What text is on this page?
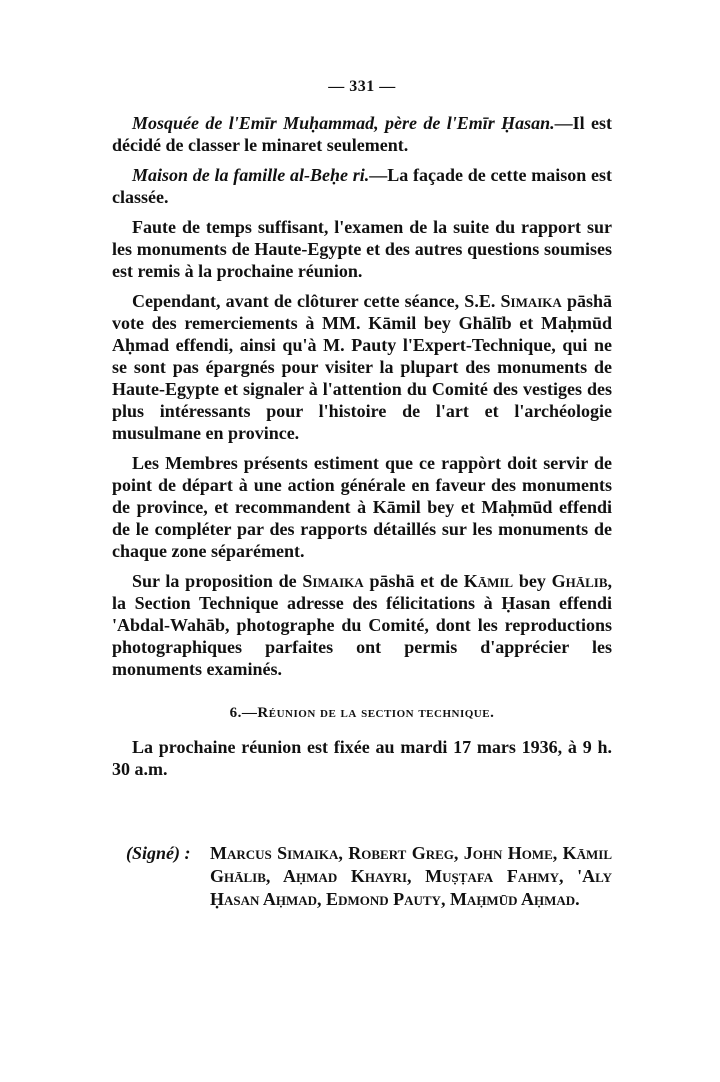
— 331 —

Mosquée de l'Emīr Muḥammad, père de l'Emīr Ḥasan.—Il est décidé de classer le minaret seulement.

Maison de la famille al-Beḥe ri.—La façade de cette maison est classée.

Faute de temps suffisant, l'examen de la suite du rapport sur les monuments de Haute-Egypte et des autres questions soumises est remis à la prochaine réunion.

Cependant, avant de clôturer cette séance, S.E. Simaika pāshā vote des remerciements à MM. Kāmil bey Ghālīb et Maḥmūd Aḥmad effendi, ainsi qu'à M. Pauty l'Expert-Technique, qui ne se sont pas épargnés pour visiter la plupart des monuments de Haute-Egypte et signaler à l'attention du Comité des vestiges des plus intéressants pour l'histoire de l'art et l'archéologie musulmane en province.

Les Membres présents estiment que ce rappòrt doit servir de point de départ à une action générale en faveur des monuments de province, et recommandent à Kāmil bey et Maḥmūd effendi de le compléter par des rapports détaillés sur les monuments de chaque zone séparément.

Sur la proposition de Simaika pāshā et de Kāmil bey Ghālib, la Section Technique adresse des félicitations à Ḥasan effendi 'Abdal-Wahāb, photographe du Comité, dont les reproductions photographiques parfaites ont permis d'apprécier les monuments examinés.

6.—Réunion de la section technique.

La prochaine réunion est fixée au mardi 17 mars 1936, à 9 h. 30 a.m.

(Signé) : Marcus Simaika, Robert Greg, John Home, Kāmil Ghālib, Aḥmad Khayri, Muṣṭafa Fahmy, 'Aly Ḥasan Aḥmad, Edmond Pauty, Maḥmūd Aḥmad.
